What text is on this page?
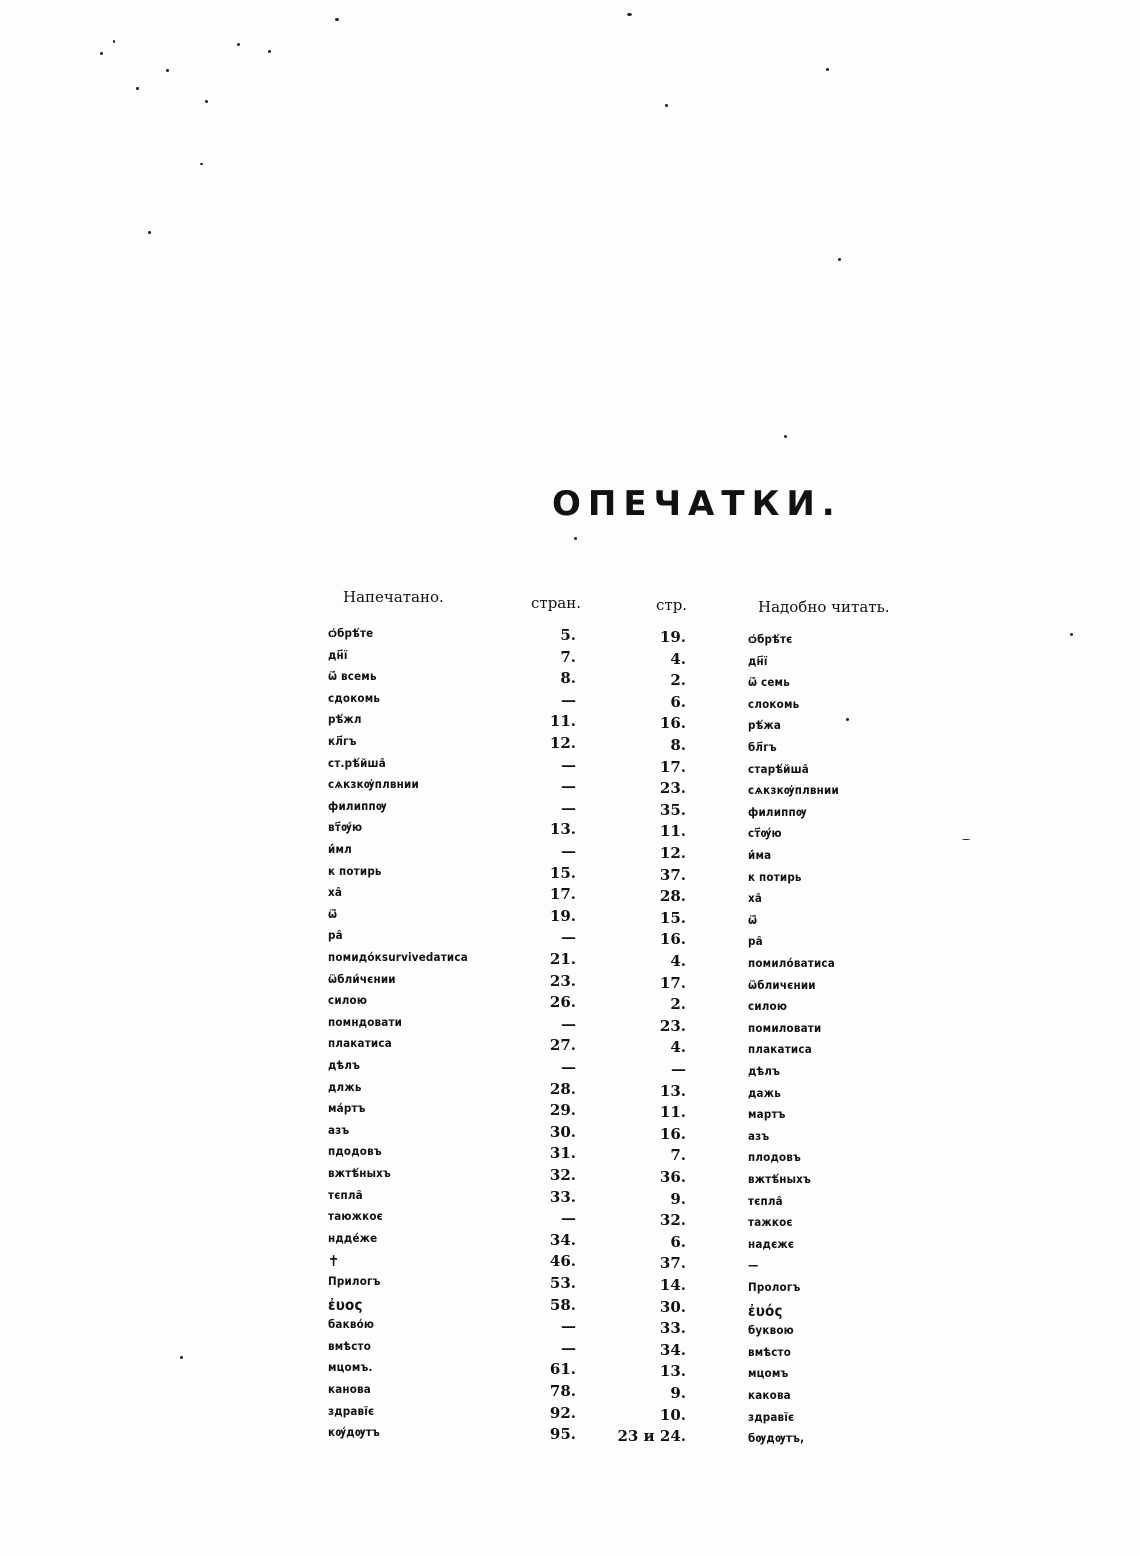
ОПЕЧАТКИ.
Напечатано.	стран.	стр.	Надобно читать.
ѻ҆брѣ́те	5.	19.	ѻ҆брѣ́тє
дн҃ї	7.	4.	дн҃ї
ѿ҆ всемь	8.	2.	ѿ҆ семь
сдокомь	—	6.	слокомь
рѣ́жл	11.	16.	рѣ́жа
кл҃гъ	12.	8.	бл҃гъ
ст.рѣ́йша̑	—	17.	старѣ́йша̑
сѧкзкѹ҆плвнии	—	23.	сѧкзкѹ҆плвнии
филиппѹ	—	35.	филиппѹ
вт҃ѹ́ю	13.	11.	ст҃ѹ́ю
и҆́мл	—	12.	и҆́ма
к потирь	15.	37.	к потирь
ха̑	17.	28.	ха̑
ѿ̑	19.	15.	ѿ̑
ра̑	—	16.	ра̑
помидо́кsurvivedатиса	21.	4.	помило́ватиса
ѿбли́чєнии	23.	17.	ѿбличєнии
силою	26.	2.	силою
помндовати	—	23.	помиловати
плакатиса	27.	4.	плакатиса
дѣлъ	—	—	дѣлъ
длжь	28.	13.	дажь
ма́ртъ	29.	11.	мартъ
азъ	30.	16.	азъ
пдодовъ	31.	7.	плодовъ
вжтѣ́ныхъ	32.	36.	вжтѣ́ныхъ
тєпла̑	33.	9.	тєпла̑
таюжкоє	—	32.	тажкоє
ндде́же	34.	6.	надєжє
✝	46.	37.	—
Прилогъ	53.	14.	Прологъ
ἐυος	58.	30.	ἐυός
бакво́ю	—	33.	буквою
вмѣсто	—	34.	вмѣсто
мцомъ.	61.	13.	мцомъ
канова	78.	9.	какова
здравїє	92.	10.	здравїє
кѹ́дѹтъ	95.	23 и 24.	бѹдѹтъ,
